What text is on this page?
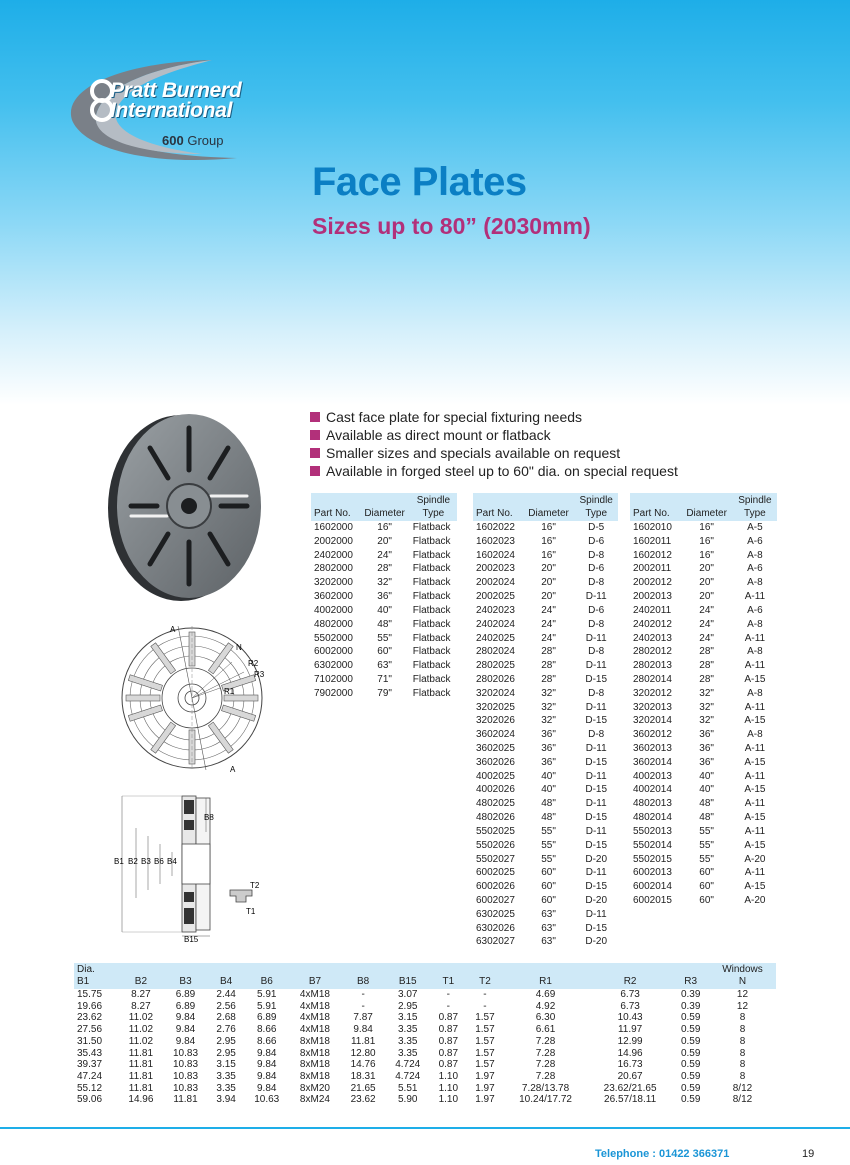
Pratt Burnerd
International
600 Group
Face Plates
Sizes up to 80” (2030mm)
Cast face plate for special fixturing needs
Available as direct mount or flatback
Smaller sizes and specials available on request
Available in forged steel up to 60" dia. on special request
A
A
N
R2
R3
R1
B1 B2 B3 B6 B4
B8
B15
T2
T1
Part No.	Diameter	Spindle
Type
1602000	16"	Flatback
2002000	20"	Flatback
2402000	24"	Flatback
2802000	28"	Flatback
3202000	32"	Flatback
3602000	36"	Flatback
4002000	40"	Flatback
4802000	48"	Flatback
5502000	55"	Flatback
6002000	60"	Flatback
6302000	63"	Flatback
7102000	71"	Flatback
7902000	79"	Flatback
Part No.	Diameter	Spindle
Type
1602022	16"	D-5
1602023	16"	D-6
1602024	16"	D-8
2002023	20"	D-6
2002024	20"	D-8
2002025	20"	D-11
2402023	24"	D-6
2402024	24"	D-8
2402025	24"	D-11
2802024	28"	D-8
2802025	28"	D-11
2802026	28"	D-15
3202024	32"	D-8
3202025	32"	D-11
3202026	32"	D-15
3602024	36"	D-8
3602025	36"	D-11
3602026	36"	D-15
4002025	40"	D-11
4002026	40"	D-15
4802025	48"	D-11
4802026	48"	D-15
5502025	55"	D-11
5502026	55"	D-15
5502027	55"	D-20
6002025	60"	D-11
6002026	60"	D-15
6002027	60"	D-20
6302025	63"	D-11
6302026	63"	D-15
6302027	63"	D-20
Part No.	Diameter	Spindle
Type
1602010	16"	A-5
1602011	16"	A-6
1602012	16"	A-8
2002011	20"	A-6
2002012	20"	A-8
2002013	20"	A-11
2402011	24"	A-6
2402012	24"	A-8
2402013	24"	A-11
2802012	28"	A-8
2802013	28"	A-11
2802014	28"	A-15
3202012	32"	A-8
3202013	32"	A-11
3202014	32"	A-15
3602012	36"	A-8
3602013	36"	A-11
3602014	36"	A-15
4002013	40"	A-11
4002014	40"	A-15
4802013	48"	A-11
4802014	48"	A-15
5502013	55"	A-11
5502014	55"	A-15
5502015	55"	A-20
6002013	60"	A-11
6002014	60"	A-15
6002015	60"	A-20
Dia.
B1	B2	B3	B4	B6	B7	B8	B15	T1	T2	R1	R2	R3	Windows
N
15.75	8.27	6.89	2.44	5.91	4xM18	-	3.07	-	-	4.69	6.73	0.39	12
19.66	8.27	6.89	2.56	5.91	4xM18	-	2.95	-	-	4.92	6.73	0.39	12
23.62	11.02	9.84	2.68	6.89	4xM18	7.87	3.15	0.87	1.57	6.30	10.43	0.59	8
27.56	11.02	9.84	2.76	8.66	4xM18	9.84	3.35	0.87	1.57	6.61	11.97	0.59	8
31.50	11.02	9.84	2.95	8.66	8xM18	11.81	3.35	0.87	1.57	7.28	12.99	0.59	8
35.43	11.81	10.83	2.95	9.84	8xM18	12.80	3.35	0.87	1.57	7.28	14.96	0.59	8
39.37	11.81	10.83	3.15	9.84	8xM18	14.76	4.724	0.87	1.57	7.28	16.73	0.59	8
47.24	11.81	10.83	3.35	9.84	8xM18	18.31	4.724	1.10	1.97	7.28	20.67	0.59	8
55.12	11.81	10.83	3.35	9.84	8xM20	21.65	5.51	1.10	1.97	7.28/13.78	23.62/21.65	0.59	8/12
59.06	14.96	11.81	3.94	10.63	8xM24	23.62	5.90	1.10	1.97	10.24/17.72	26.57/18.11	0.59	8/12
Telephone : 01422 366371	19
